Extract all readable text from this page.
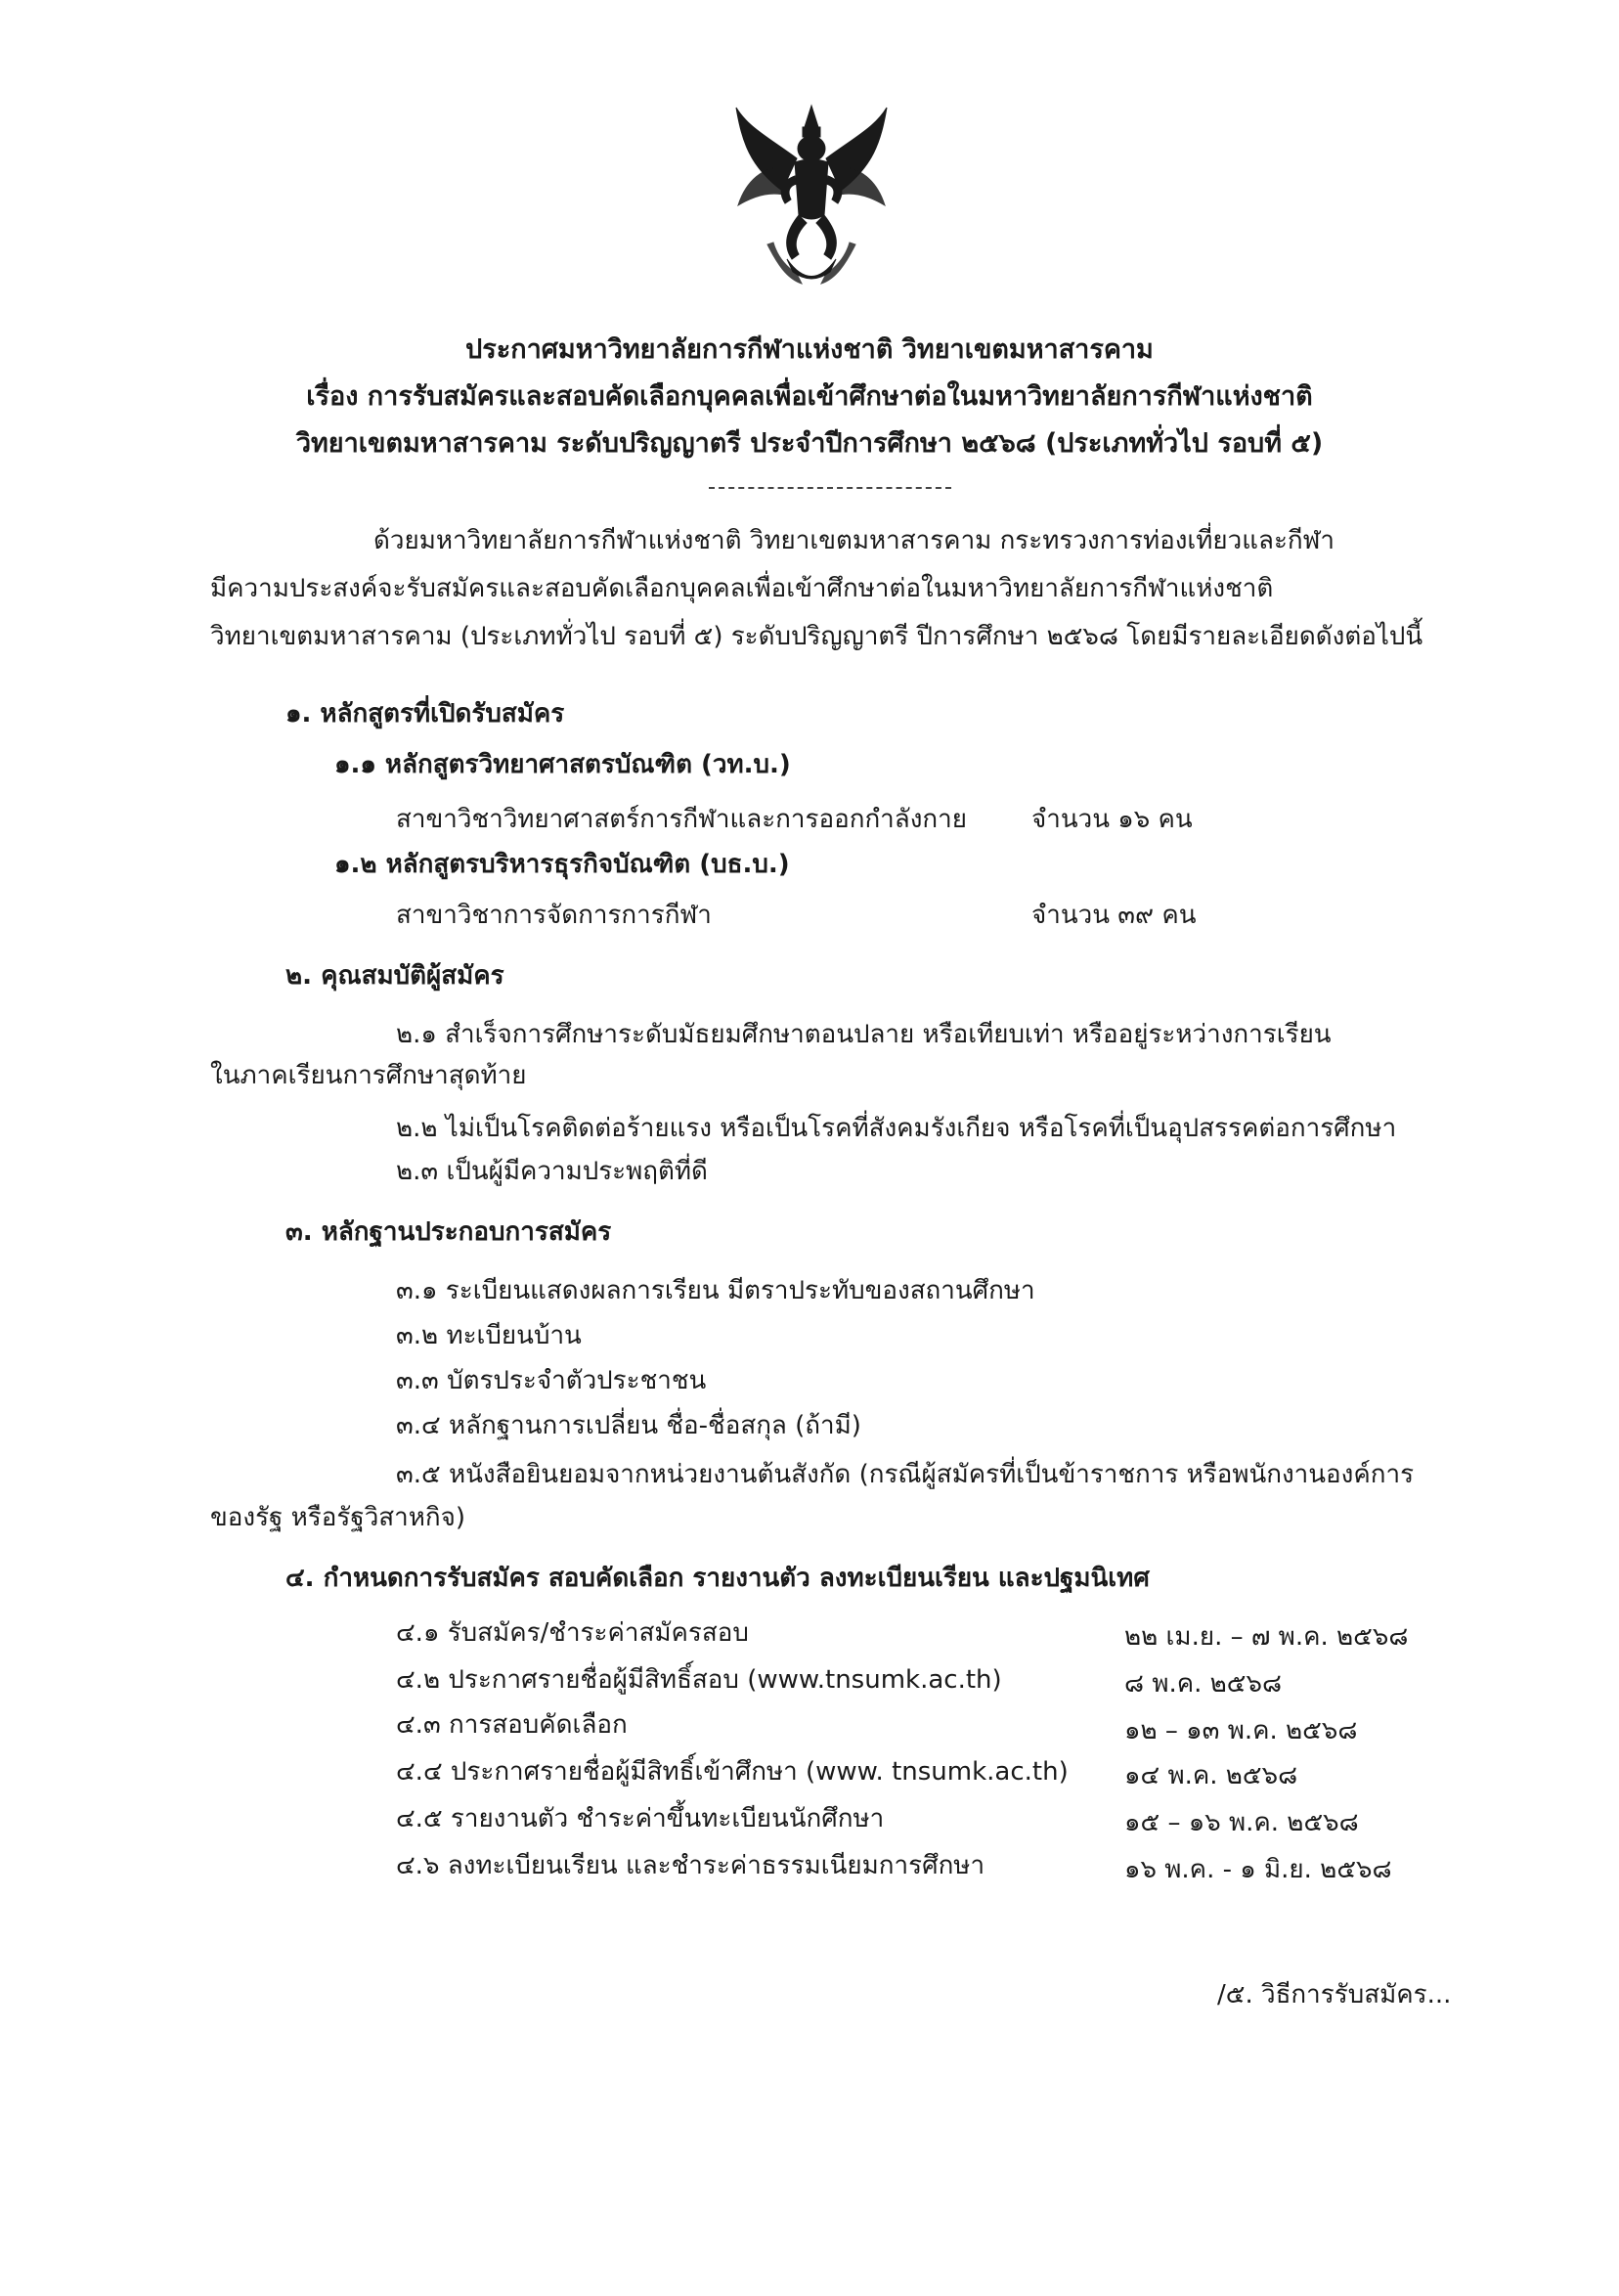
ประกาศมหาวิทยาลัยการกีฬาแห่งชาติ วิทยาเขตมหาสารคาม
เรื่อง การรับสมัครและสอบคัดเลือกบุคคลเพื่อเข้าศึกษาต่อในมหาวิทยาลัยการกีฬาแห่งชาติ
วิทยาเขตมหาสารคาม ระดับปริญญาตรี ประจำปีการศึกษา ๒๕๖๘ (ประเภททั่วไป รอบที่ ๕)
ด้วยมหาวิทยาลัยการกีฬาแห่งชาติ วิทยาเขตมหาสารคาม กระทรวงการท่องเที่ยวและกีฬา
มีความประสงค์จะรับสมัครและสอบคัดเลือกบุคคลเพื่อเข้าศึกษาต่อในมหาวิทยาลัยการกีฬาแห่งชาติ
วิทยาเขตมหาสารคาม (ประเภททั่วไป รอบที่ ๕) ระดับปริญญาตรี ปีการศึกษา ๒๕๖๘ โดยมีรายละเอียดดังต่อไปนี้
๑. หลักสูตรที่เปิดรับสมัคร
๑.๑ หลักสูตรวิทยาศาสตรบัณฑิต (วท.บ.)
สาขาวิชาวิทยาศาสตร์การกีฬาและการออกกำลังกาย	จำนวน ๑๖ คน
๑.๒ หลักสูตรบริหารธุรกิจบัณฑิต (บธ.บ.)
สาขาวิชาการจัดการการกีฬา	จำนวน ๓๙ คน
๒. คุณสมบัติผู้สมัคร
๒.๑ สำเร็จการศึกษาระดับมัธยมศึกษาตอนปลาย หรือเทียบเท่า หรืออยู่ระหว่างการเรียน
ในภาคเรียนการศึกษาสุดท้าย
๒.๒ ไม่เป็นโรคติดต่อร้ายแรง หรือเป็นโรคที่สังคมรังเกียจ หรือโรคที่เป็นอุปสรรคต่อการศึกษา
๒.๓ เป็นผู้มีความประพฤติที่ดี
๓. หลักฐานประกอบการสมัคร
๓.๑ ระเบียนแสดงผลการเรียน มีตราประทับของสถานศึกษา
๓.๒ ทะเบียนบ้าน
๓.๓ บัตรประจำตัวประชาชน
๓.๔ หลักฐานการเปลี่ยน ชื่อ-ชื่อสกุล (ถ้ามี)
๓.๕ หนังสือยินยอมจากหน่วยงานต้นสังกัด (กรณีผู้สมัครที่เป็นข้าราชการ หรือพนักงานองค์การ
ของรัฐ หรือรัฐวิสาหกิจ)
๔. กำหนดการรับสมัคร สอบคัดเลือก รายงานตัว ลงทะเบียนเรียน และปฐมนิเทศ
๔.๑ รับสมัคร/ชำระค่าสมัครสอบ	๒๒ เม.ย. – ๗ พ.ค. ๒๕๖๘
๔.๒ ประกาศรายชื่อผู้มีสิทธิ์สอบ (www.tnsumk.ac.th)	๘ พ.ค. ๒๕๖๘
๔.๓ การสอบคัดเลือก	๑๒ – ๑๓ พ.ค. ๒๕๖๘
๔.๔ ประกาศรายชื่อผู้มีสิทธิ์เข้าศึกษา (www. tnsumk.ac.th) ๑๔ พ.ค. ๒๕๖๘
๔.๕ รายงานตัว ชำระค่าขึ้นทะเบียนนักศึกษา	๑๕ – ๑๖ พ.ค. ๒๕๖๘
๔.๖ ลงทะเบียนเรียน และชำระค่าธรรมเนียมการศึกษา	๑๖ พ.ค. - ๑ มิ.ย. ๒๕๖๘
/๕. วิธีการรับสมัคร...
